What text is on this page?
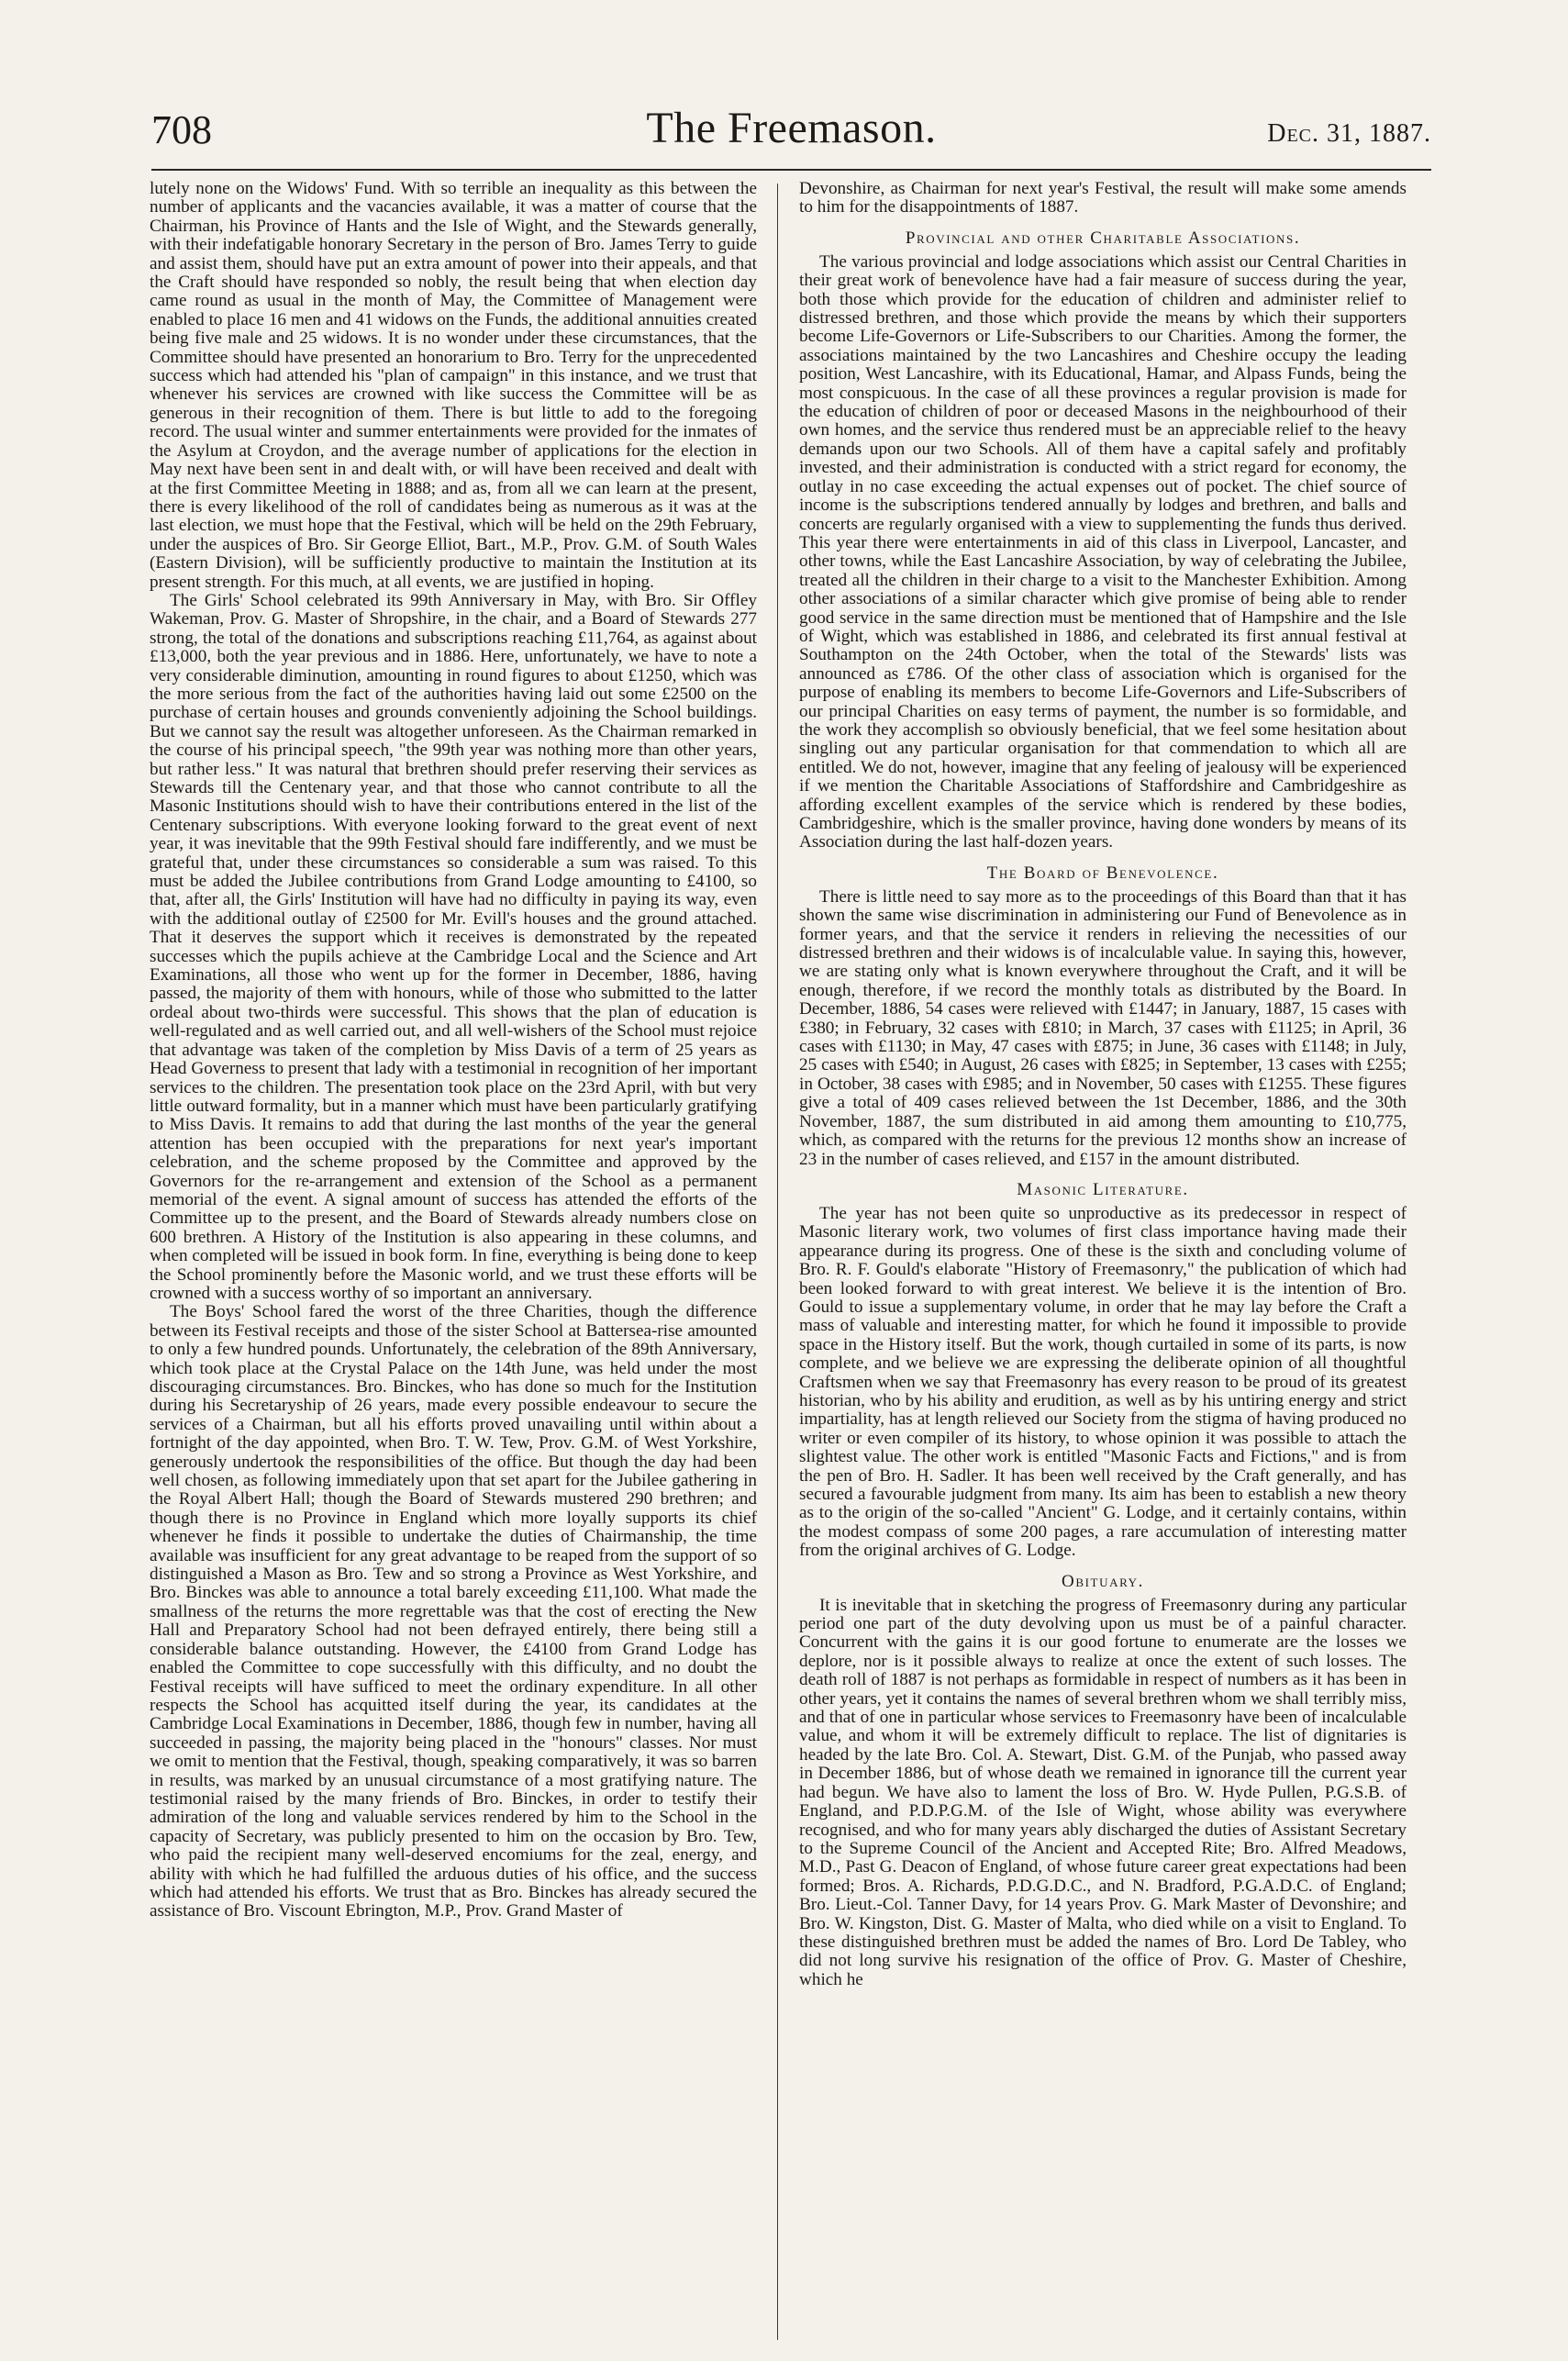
708	The Freemason.	Dec. 31, 1887.

lutely none on the Widows' Fund. With so terrible an inequality as this between the number of applicants and the vacancies available, it was a matter of course that the Chairman, his Province of Hants and the Isle of Wight, and the Stewards generally, with their indefatigable honorary Secretary in the person of Bro. James Terry to guide and assist them, should have put an extra amount of power into their appeals, and that the Craft should have responded so nobly, the result being that when election day came round as usual in the month of May, the Committee of Management were enabled to place 16 men and 41 widows on the Funds, the additional annuities created being five male and 25 widows. It is no wonder under these circumstances, that the Committee should have presented an honorarium to Bro. Terry for the unprecedented success which had attended his "plan of campaign" in this instance, and we trust that whenever his services are crowned with like success the Committee will be as generous in their recognition of them. There is but little to add to the foregoing record. The usual winter and summer entertainments were provided for the inmates of the Asylum at Croydon, and the average number of applications for the election in May next have been sent in and dealt with, or will have been received and dealt with at the first Committee Meeting in 1888; and as, from all we can learn at the present, there is every likelihood of the roll of candidates being as numerous as it was at the last election, we must hope that the Festival, which will be held on the 29th February, under the auspices of Bro. Sir George Elliot, Bart., M.P., Prov. G.M. of South Wales (Eastern Division), will be sufficiently productive to maintain the Institution at its present strength. For this much, at all events, we are justified in hoping.

The Girls' School celebrated its 99th Anniversary in May, with Bro. Sir Offley Wakeman, Prov. G. Master of Shropshire, in the chair, and a Board of Stewards 277 strong, the total of the donations and subscriptions reaching £11,764, as against about £13,000, both the year previous and in 1886. Here, unfortunately, we have to note a very considerable diminution, amounting in round figures to about £1250, which was the more serious from the fact of the authorities having laid out some £2500 on the purchase of certain houses and grounds conveniently adjoining the School buildings. But we cannot say the result was altogether unforeseen. As the Chairman remarked in the course of his principal speech, "the 99th year was nothing more than other years, but rather less." It was natural that brethren should prefer reserving their services as Stewards till the Centenary year, and that those who cannot contribute to all the Masonic Institutions should wish to have their contributions entered in the list of the Centenary subscriptions. With everyone looking forward to the great event of next year, it was inevitable that the 99th Festival should fare indifferently, and we must be grateful that, under these circumstances so considerable a sum was raised. To this must be added the Jubilee contributions from Grand Lodge amounting to £4100, so that, after all, the Girls' Institution will have had no difficulty in paying its way, even with the additional outlay of £2500 for Mr. Evill's houses and the ground attached. That it deserves the support which it receives is demonstrated by the repeated successes which the pupils achieve at the Cambridge Local and the Science and Art Examinations, all those who went up for the former in December, 1886, having passed, the majority of them with honours, while of those who submitted to the latter ordeal about two-thirds were successful. This shows that the plan of education is well-regulated and as well carried out, and all well-wishers of the School must rejoice that advantage was taken of the completion by Miss Davis of a term of 25 years as Head Governess to present that lady with a testimonial in recognition of her important services to the children. The presentation took place on the 23rd April, with but very little outward formality, but in a manner which must have been particularly gratifying to Miss Davis. It remains to add that during the last months of the year the general attention has been occupied with the preparations for next year's important celebration, and the scheme proposed by the Committee and approved by the Governors for the re-arrangement and extension of the School as a permanent memorial of the event. A signal amount of success has attended the efforts of the Committee up to the present, and the Board of Stewards already numbers close on 600 brethren. A History of the Institution is also appearing in these columns, and when completed will be issued in book form. In fine, everything is being done to keep the School prominently before the Masonic world, and we trust these efforts will be crowned with a success worthy of so important an anniversary.

The Boys' School fared the worst of the three Charities, though the difference between its Festival receipts and those of the sister School at Battersea-rise amounted to only a few hundred pounds. Unfortunately, the celebration of the 89th Anniversary, which took place at the Crystal Palace on the 14th June, was held under the most discouraging circumstances. Bro. Binckes, who has done so much for the Institution during his Secretaryship of 26 years, made every possible endeavour to secure the services of a Chairman, but all his efforts proved unavailing until within about a fortnight of the day appointed, when Bro. T. W. Tew, Prov. G.M. of West Yorkshire, generously undertook the responsibilities of the office. But though the day had been well chosen, as following immediately upon that set apart for the Jubilee gathering in the Royal Albert Hall; though the Board of Stewards mustered 290 brethren; and though there is no Province in England which more loyally supports its chief whenever he finds it possible to undertake the duties of Chairmanship, the time available was insufficient for any great advantage to be reaped from the support of so distinguished a Mason as Bro. Tew and so strong a Province as West Yorkshire, and Bro. Binckes was able to announce a total barely exceeding £11,100. What made the smallness of the returns the more regrettable was that the cost of erecting the New Hall and Preparatory School had not been defrayed entirely, there being still a considerable balance outstanding. However, the £4100 from Grand Lodge has enabled the Committee to cope successfully with this difficulty, and no doubt the Festival receipts will have sufficed to meet the ordinary expenditure. In all other respects the School has acquitted itself during the year, its candidates at the Cambridge Local Examinations in December, 1886, though few in number, having all succeeded in passing, the majority being placed in the "honours" classes. Nor must we omit to mention that the Festival, though, speaking comparatively, it was so barren in results, was marked by an unusual circumstance of a most gratifying nature. The testimonial raised by the many friends of Bro. Binckes, in order to testify their admiration of the long and valuable services rendered by him to the School in the capacity of Secretary, was publicly presented to him on the occasion by Bro. Tew, who paid the recipient many well-deserved encomiums for the zeal, energy, and ability with which he had fulfilled the arduous duties of his office, and the success which had attended his efforts. We trust that as Bro. Binckes has already secured the assistance of Bro. Viscount Ebrington, M.P., Prov. Grand Master of

Devonshire, as Chairman for next year's Festival, the result will make some amends to him for the disappointments of 1887.

Provincial and other Charitable Associations.

The various provincial and lodge associations which assist our Central Charities in their great work of benevolence have had a fair measure of success during the year, both those which provide for the education of children and administer relief to distressed brethren, and those which provide the means by which their supporters become Life-Governors or Life-Subscribers to our Charities. Among the former, the associations maintained by the two Lancashires and Cheshire occupy the leading position, West Lancashire, with its Educational, Hamar, and Alpass Funds, being the most conspicuous. In the case of all these provinces a regular provision is made for the education of children of poor or deceased Masons in the neighbourhood of their own homes, and the service thus rendered must be an appreciable relief to the heavy demands upon our two Schools. All of them have a capital safely and profitably invested, and their administration is conducted with a strict regard for economy, the outlay in no case exceeding the actual expenses out of pocket. The chief source of income is the subscriptions tendered annually by lodges and brethren, and balls and concerts are regularly organised with a view to supplementing the funds thus derived. This year there were entertainments in aid of this class in Liverpool, Lancaster, and other towns, while the East Lancashire Association, by way of celebrating the Jubilee, treated all the children in their charge to a visit to the Manchester Exhibition. Among other associations of a similar character which give promise of being able to render good service in the same direction must be mentioned that of Hampshire and the Isle of Wight, which was established in 1886, and celebrated its first annual festival at Southampton on the 24th October, when the total of the Stewards' lists was announced as £786. Of the other class of association which is organised for the purpose of enabling its members to become Life-Governors and Life-Subscribers of our principal Charities on easy terms of payment, the number is so formidable, and the work they accomplish so obviously beneficial, that we feel some hesitation about singling out any particular organisation for that commendation to which all are entitled. We do not, however, imagine that any feeling of jealousy will be experienced if we mention the Charitable Associations of Staffordshire and Cambridgeshire as affording excellent examples of the service which is rendered by these bodies, Cambridgeshire, which is the smaller province, having done wonders by means of its Association during the last half-dozen years.

The Board of Benevolence.

There is little need to say more as to the proceedings of this Board than that it has shown the same wise discrimination in administering our Fund of Benevolence as in former years, and that the service it renders in relieving the necessities of our distressed brethren and their widows is of incalculable value. In saying this, however, we are stating only what is known everywhere throughout the Craft, and it will be enough, therefore, if we record the monthly totals as distributed by the Board. In December, 1886, 54 cases were relieved with £1447; in January, 1887, 15 cases with £380; in February, 32 cases with £810; in March, 37 cases with £1125; in April, 36 cases with £1130; in May, 47 cases with £875; in June, 36 cases with £1148; in July, 25 cases with £540; in August, 26 cases with £825; in September, 13 cases with £255; in October, 38 cases with £985; and in November, 50 cases with £1255. These figures give a total of 409 cases relieved between the 1st December, 1886, and the 30th November, 1887, the sum distributed in aid among them amounting to £10,775, which, as compared with the returns for the previous 12 months show an increase of 23 in the number of cases relieved, and £157 in the amount distributed.

Masonic Literature.

The year has not been quite so unproductive as its predecessor in respect of Masonic literary work, two volumes of first class importance having made their appearance during its progress. One of these is the sixth and concluding volume of Bro. R. F. Gould's elaborate "History of Freemasonry," the publication of which had been looked forward to with great interest. We believe it is the intention of Bro. Gould to issue a supplementary volume, in order that he may lay before the Craft a mass of valuable and interesting matter, for which he found it impossible to provide space in the History itself. But the work, though curtailed in some of its parts, is now complete, and we believe we are expressing the deliberate opinion of all thoughtful Craftsmen when we say that Freemasonry has every reason to be proud of its greatest historian, who by his ability and erudition, as well as by his untiring energy and strict impartiality, has at length relieved our Society from the stigma of having produced no writer or even compiler of its history, to whose opinion it was possible to attach the slightest value. The other work is entitled "Masonic Facts and Fictions," and is from the pen of Bro. H. Sadler. It has been well received by the Craft generally, and has secured a favourable judgment from many. Its aim has been to establish a new theory as to the origin of the so-called "Ancient" G. Lodge, and it certainly contains, within the modest compass of some 200 pages, a rare accumulation of interesting matter from the original archives of G. Lodge.

Obituary.

It is inevitable that in sketching the progress of Freemasonry during any particular period one part of the duty devolving upon us must be of a painful character. Concurrent with the gains it is our good fortune to enumerate are the losses we deplore, nor is it possible always to realize at once the extent of such losses. The death roll of 1887 is not perhaps as formidable in respect of numbers as it has been in other years, yet it contains the names of several brethren whom we shall terribly miss, and that of one in particular whose services to Freemasonry have been of incalculable value, and whom it will be extremely difficult to replace. The list of dignitaries is headed by the late Bro. Col. A. Stewart, Dist. G.M. of the Punjab, who passed away in December 1886, but of whose death we remained in ignorance till the current year had begun. We have also to lament the loss of Bro. W. Hyde Pullen, P.G.S.B. of England, and P.D.P.G.M. of the Isle of Wight, whose ability was everywhere recognised, and who for many years ably discharged the duties of Assistant Secretary to the Supreme Council of the Ancient and Accepted Rite; Bro. Alfred Meadows, M.D., Past G. Deacon of England, of whose future career great expectations had been formed; Bros. A. Richards, P.D.G.D.C., and N. Bradford, P.G.A.D.C. of England; Bro. Lieut.-Col. Tanner Davy, for 14 years Prov. G. Mark Master of Devonshire; and Bro. W. Kingston, Dist. G. Master of Malta, who died while on a visit to England. To these distinguished brethren must be added the names of Bro. Lord De Tabley, who did not long survive his resignation of the office of Prov. G. Master of Cheshire, which he
